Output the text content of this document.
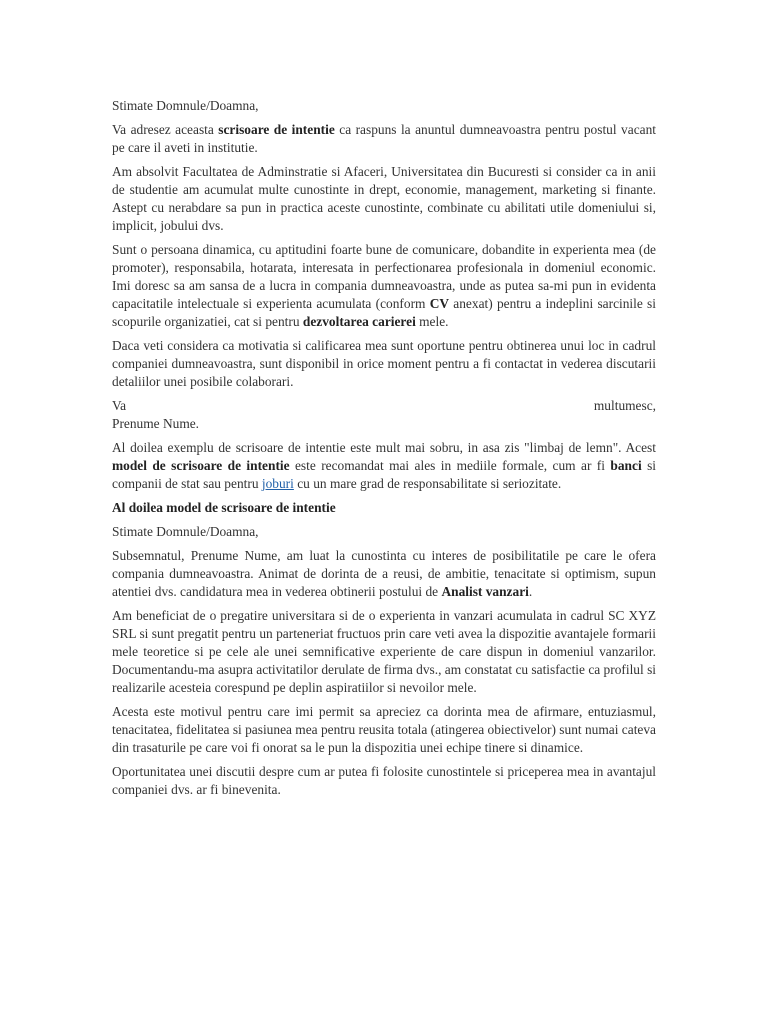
Stimate Domnule/Doamna,

Va adresez aceasta scrisoare de intentie ca raspuns la anuntul dumneavoastra pentru postul vacant pe care il aveti in institutie.

Am absolvit Facultatea de Adminstratie si Afaceri, Universitatea din Bucuresti si consider ca in anii de studentie am acumulat multe cunostinte in drept, economie, management, marketing si finante. Astept cu nerabdare sa pun in practica aceste cunostinte, combinate cu abilitati utile domeniului si, implicit, jobului dvs.

Sunt o persoana dinamica, cu aptitudini foarte bune de comunicare, dobandite in experienta mea (de promoter), responsabila, hotarata, interesata in perfectionarea profesionala in domeniul economic. Imi doresc sa am sansa de a lucra in compania dumneavoastra, unde as putea sa-mi pun in evidenta capacitatile intelectuale si experienta acumulata (conform CV anexat) pentru a indeplini sarcinile si scopurile organizatiei, cat si pentru dezvoltarea carierei mele.

Daca veti considera ca motivatia si calificarea mea sunt oportune pentru obtinerea unui loc in cadrul companiei dumneavoastra, sunt disponibil in orice moment pentru a fi contactat in vederea discutarii detaliilor unei posibile colaborari.

Va	multumesc,

Prenume Nume.

Al doilea exemplu de scrisoare de intentie este mult mai sobru, in asa zis "limbaj de lemn". Acest model de scrisoare de intentie este recomandat mai ales in mediile formale, cum ar fi banci si companii de stat sau pentru joburi cu un mare grad de responsabilitate si seriozitate.

Al doilea model de scrisoare de intentie

Stimate Domnule/Doamna,

Subsemnatul, Prenume Nume, am luat la cunostinta cu interes de posibilitatile pe care le ofera compania dumneavoastra. Animat de dorinta de a reusi, de ambitie, tenacitate si optimism, supun atentiei dvs. candidatura mea in vederea obtinerii postului de Analist vanzari.

Am beneficiat de o pregatire universitara si de o experienta in vanzari acumulata in cadrul SC XYZ SRL si sunt pregatit pentru un parteneriat fructuos prin care veti avea la dispozitie avantajele formarii mele teoretice si pe cele ale unei semnificative experiente de care dispun in domeniul vanzarilor. Documentandu-ma asupra activitatilor derulate de firma dvs., am constatat cu satisfactie ca profilul si realizarile acesteia corespund pe deplin aspiratiilor si nevoilor mele.

Acesta este motivul pentru care imi permit sa apreciez ca dorinta mea de afirmare, entuziasmul, tenacitatea, fidelitatea si pasiunea mea pentru reusita totala (atingerea obiectivelor) sunt numai cateva din trasaturile pe care voi fi onorat sa le pun la dispozitia unei echipe tinere si dinamice.

Oportunitatea unei discutii despre cum ar putea fi folosite cunostintele si priceperea mea in avantajul companiei dvs. ar fi binevenita.
